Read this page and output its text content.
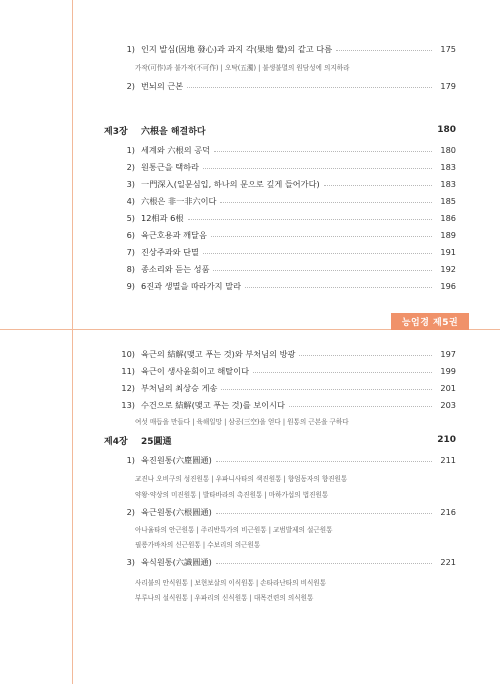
1) 인지 발심(因地 發心)과 과지 각(果地 覺)의 같고 다름	175
가작(可作)과 불가작(不可作) | 오탁(五濁) | 불생불멸의 원담성에 의지하라
2) 번뇌의 근본	179
제3장	六根을 해결하다	180
1) 세계와 六根의 공덕	180
2) 원통근을 택하라	183
3) 一門深入(일문심입, 하나의 문으로 깊게 들어가다)	183
4) 六根은 非一非六이다	185
5) 12相과 6根	186
6) 육근호용과 깨달음	189
7) 진상주과와 단멸	191
8) 종소리와 듣는 성품	192
9) 6진과 생멸을 따라가지 말라	196
능엄경 제5권
10) 육근의 結解(맺고 푸는 것)와 부처님의 방광	197
11) 육근이 생사윤회이고 해탈이다	199
12) 부처님의 최상승 게송	201
13) 수건으로 結解(맺고 푸는 것)를 보이시다	203
여섯 매듭을 만들다 | 육해일망 | 삼공(三空)을 얻다 | 원통의 근본을 구하다
제4장	25圓通	210
1) 육진원통(六塵圓通)	211
교진나 오비구의 성진원통 | 우파니사타의 색진원통 | 향엄동자의 향진원통
약왕·약상의 미진원통 | 발타바라의 촉진원통 | 마하가섭의 법진원통
2) 육근원통(六根圓通)	216
아나율타의 안근원통 | 주리반특가의 비근원통 | 교범발제의 설근원통
필릉가바차의 신근원통 | 수보리의 의근원통
3) 육식원통(六識圓通)	221
사리불의 안식원통 | 보현보살의 이식원통 | 손타라난타의 비식원통
부루나의 설식원통 | 우파리의 신식원통 | 대목건련의 의식원통
